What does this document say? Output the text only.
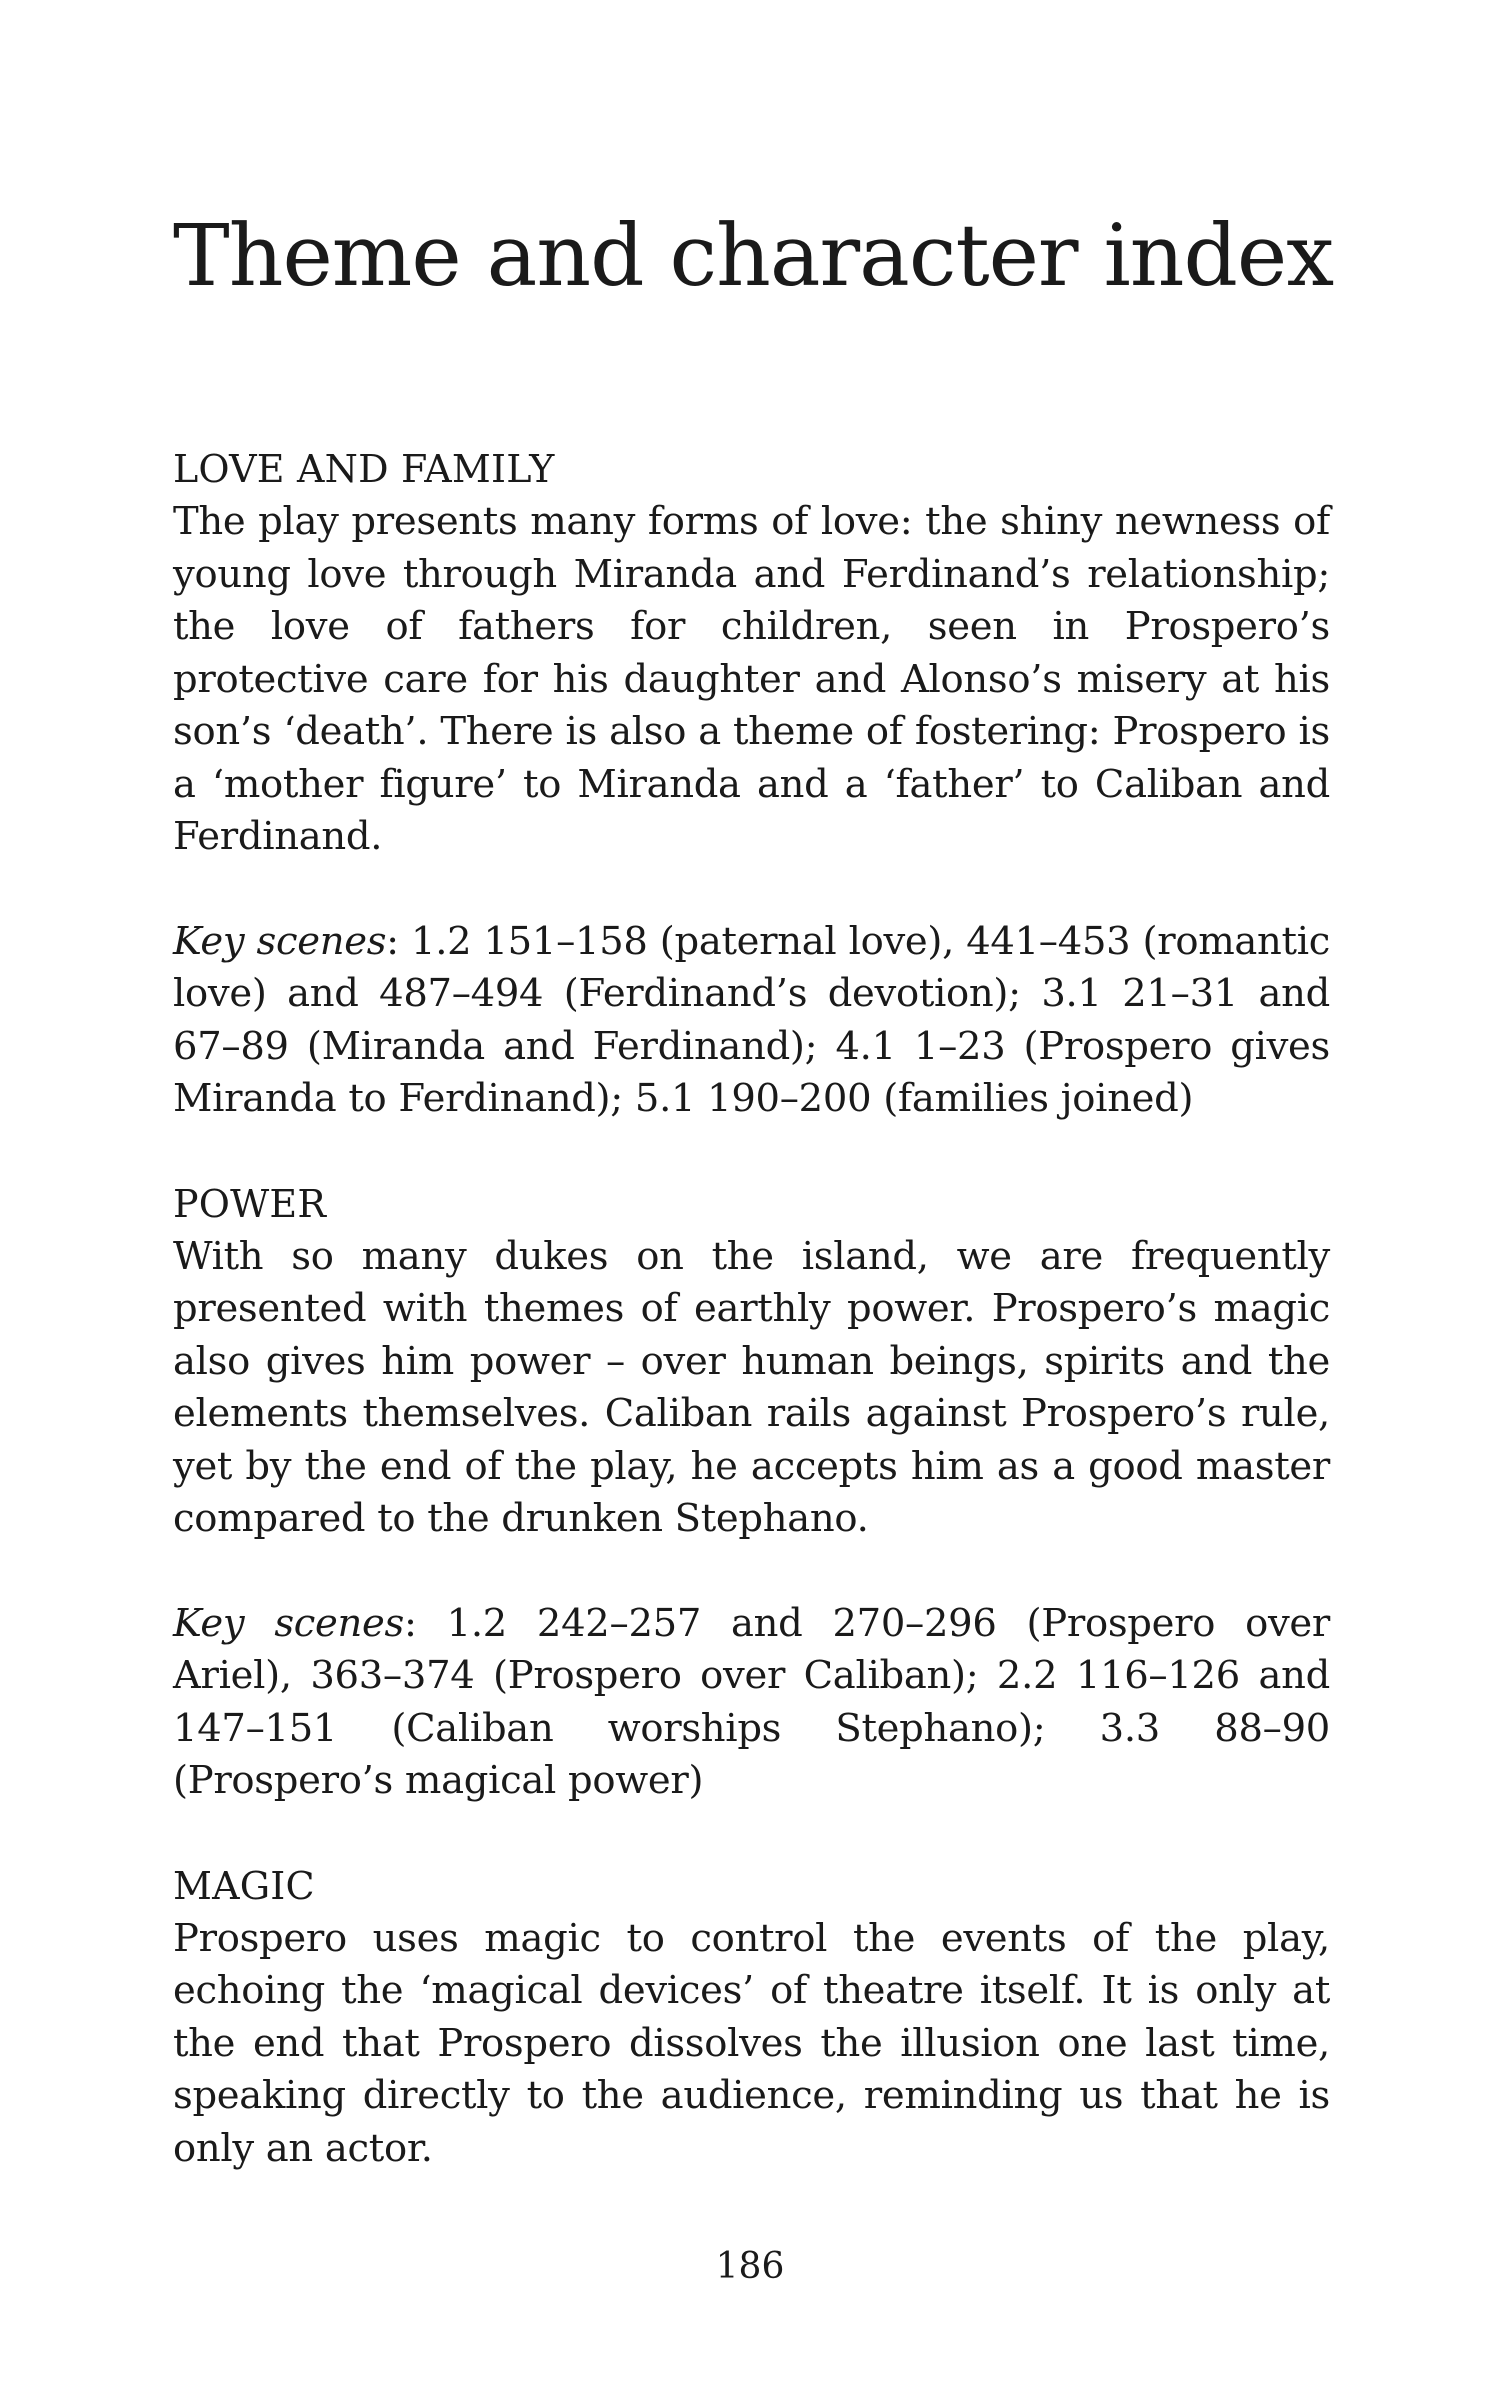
Theme and character index
LOVE AND FAMILY

The play presents many forms of love: the shiny newness of young love through Miranda and Ferdinand’s relationship; the love of fathers for children, seen in Prospero’s protective care for his daughter and Alonso’s misery at his son’s ‘death’. There is also a theme of fostering: Prospero is a ‘mother figure’ to Miranda and a ‘father’ to Caliban and Ferdinand.

Key scenes: 1.2 151–158 (paternal love), 441–453 (romantic love) and 487–494 (Ferdinand’s devotion); 3.1 21–31 and 67–89 (Miranda and Ferdinand); 4.1 1–23 (Prospero gives Miranda to Ferdinand); 5.1 190–200 (families joined)

POWER

With so many dukes on the island, we are frequently presented with themes of earthly power. Prospero’s magic also gives him power – over human beings, spirits and the elements themselves. Caliban rails against Prospero’s rule, yet by the end of the play, he accepts him as a good master compared to the drunken Stephano.

Key scenes: 1.2 242–257 and 270–296 (Prospero over Ariel), 363–374 (Prospero over Caliban); 2.2 116–126 and 147–151 (Caliban worships Stephano); 3.3 88–90 (Prospero’s magical power)

MAGIC

Prospero uses magic to control the events of the play, echoing the ‘magical devices’ of theatre itself. It is only at the end that Prospero dissolves the illusion one last time, speaking directly to the audience, reminding us that he is only an actor.

186
